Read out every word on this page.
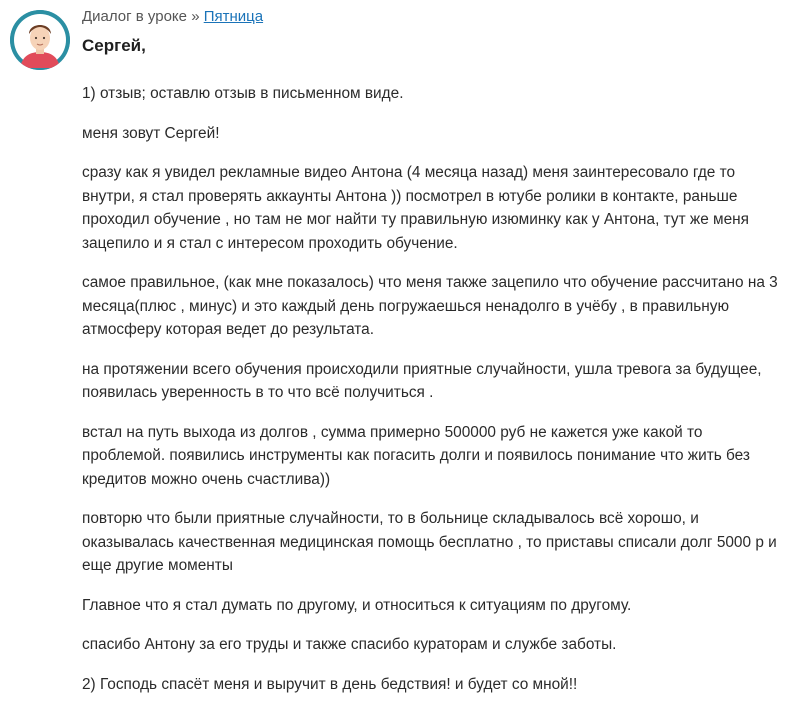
Диалог в уроке » Пятница

Сергей,

1) отзыв; оставлю отзыв в письменном виде.

меня зовут Сергей!

сразу как я увидел рекламные видео Антона (4 месяца назад) меня заинтересовало где то внутри, я стал проверять аккаунты Антона )) посмотрел в ютубе ролики в контакте, раньше проходил обучение , но там не мог найти ту правильную изюминку как у Антона, тут же меня зацепило и я стал с интересом проходить обучение.

самое правильное, (как мне показалось) что меня также зацепило что обучение рассчитано на 3 месяца(плюс , минус) и это каждый день погружаешься ненадолго в учёбу , в правильную атмосферу которая ведет до результата.

на протяжении всего обучения происходили приятные случайности, ушла тревога за будущее, появилась уверенность в то что всё получиться .

встал на путь выхода из долгов , сумма примерно 500000 руб не кажется уже какой то проблемой. появились инструменты как погасить долги и появилось понимание что жить без кредитов можно очень счастлива))

повторю что были приятные случайности, то в больнице складывалось всё хорошо, и оказывалась качественная медицинская помощь бесплатно , то приставы списали долг 5000 р и еще другие моменты

Главное что я стал думать по другому, и относиться к ситуациям по другому.

спасибо Антону за его труды и также спасибо кураторам и службе заботы.

2) Господь спасёт меня и выручит в день бедствия! и будет со мной!!
